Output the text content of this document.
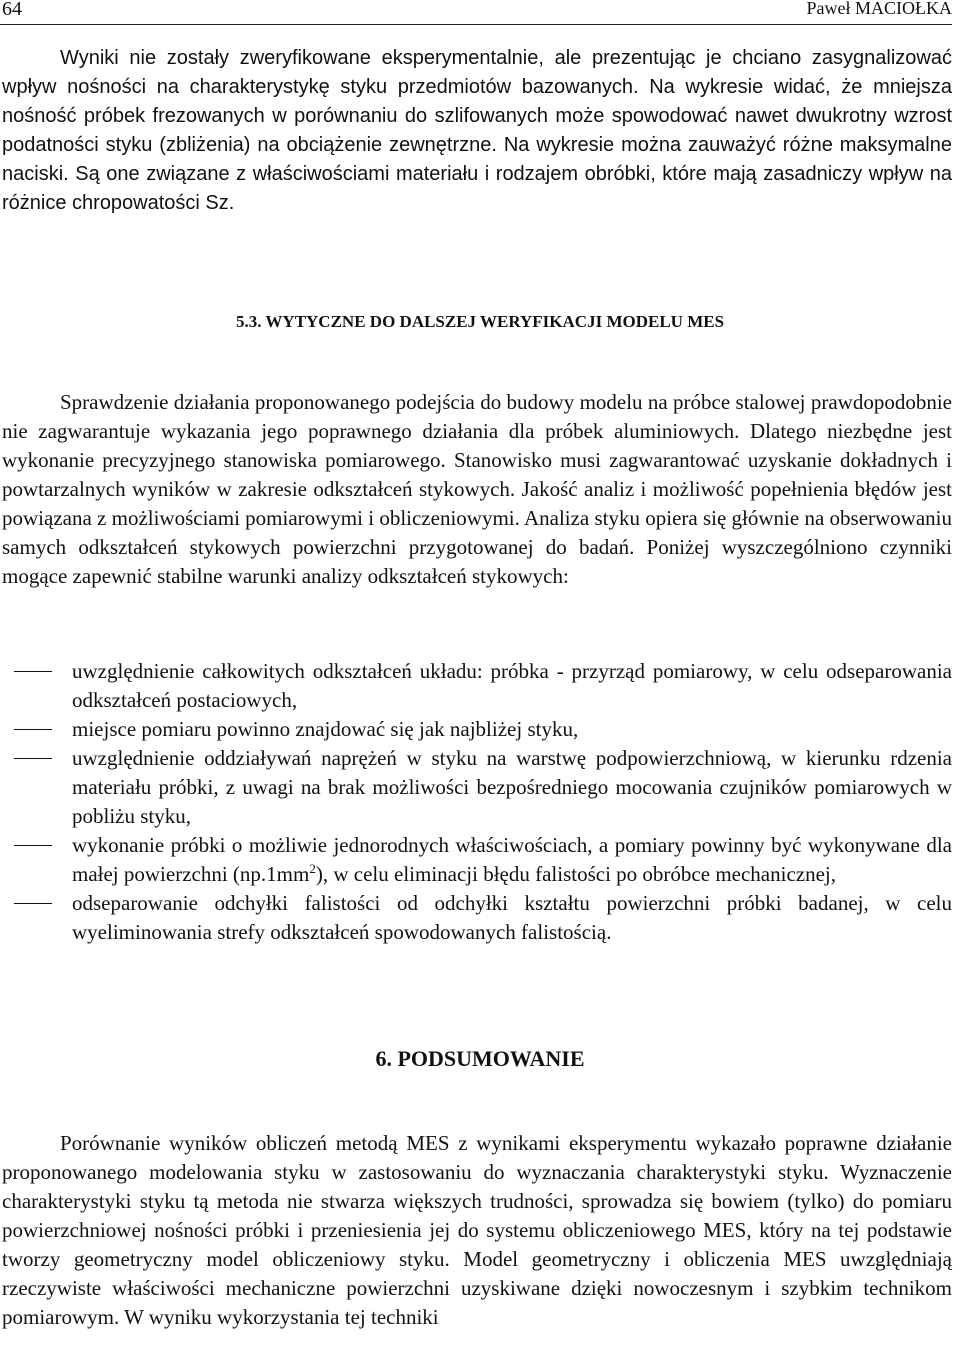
64	Paweł MACIOŁKA

Wyniki nie zostały zweryfikowane eksperymentalnie, ale prezentując je chciano zasygnalizować wpływ nośności na charakterystykę styku przedmiotów bazowanych. Na wykresie widać, że mniejsza nośność próbek frezowanych w porównaniu do szlifowanych może spowodować nawet dwukrotny wzrost podatności styku (zbliżenia) na obciążenie zewnętrzne. Na wykresie można zauważyć różne maksymalne naciski. Są one związane z właściwościami materiału i rodzajem obróbki, które mają zasadniczy wpływ na różnice chropowatości Sz.

5.3. WYTYCZNE DO DALSZEJ WERYFIKACJI MODELU MES

Sprawdzenie działania proponowanego podejścia do budowy modelu na próbce stalowej prawdopodobnie nie zagwarantuje wykazania jego poprawnego działania dla próbek aluminiowych. Dlatego niezbędne jest wykonanie precyzyjnego stanowiska pomiarowego. Stanowisko musi zagwarantować uzyskanie dokładnych i powtarzalnych wyników w zakresie odkształceń stykowych. Jakość analiz i możliwość popełnienia błędów jest powiązana z możliwościami pomiarowymi i obliczeniowymi. Analiza styku opiera się głównie na obserwowaniu samych odkształceń stykowych powierzchni przygotowanej do badań. Poniżej wyszczególniono czynniki mogące zapewnić stabilne warunki analizy odkształceń stykowych:

uwzględnienie całkowitych odkształceń układu: próbka - przyrząd pomiarowy, w celu odseparowania odkształceń postaciowych,
miejsce pomiaru powinno znajdować się jak najbliżej styku,
uwzględnienie oddziaływań naprężeń w styku na warstwę podpowierzchniową, w kierunku rdzenia materiału próbki, z uwagi na brak możliwości bezpośredniego mocowania czujników pomiarowych w pobliżu styku,
wykonanie próbki o możliwie jednorodnych właściwościach, a pomiary powinny być wykonywane dla małej powierzchni $(np.1mm^2)$, w celu eliminacji błędu falistości po obróbce mechanicznej,
odseparowanie odchyłki falistości od odchyłki kształtu powierzchni próbki badanej, w celu wyeliminowania strefy odkształceń spowodowanych falistością.
6. PODSUMOWANIE

Porównanie wyników obliczeń metodą MES z wynikami eksperymentu wykazało poprawne działanie proponowanego modelowania styku w zastosowaniu do wyznaczania charakterystyki styku. Wyznaczenie charakterystyki styku tą metoda nie stwarza większych trudności, sprowadza się bowiem (tylko) do pomiaru powierzchniowej nośności próbki i przeniesienia jej do systemu obliczeniowego MES, który na tej podstawie tworzy geometryczny model obliczeniowy styku. Model geometryczny i obliczenia MES uwzględniają rzeczywiste właściwości mechaniczne powierzchni uzyskiwane dzięki nowoczesnym i szybkim technikom pomiarowym. W wyniku wykorzystania tej techniki
